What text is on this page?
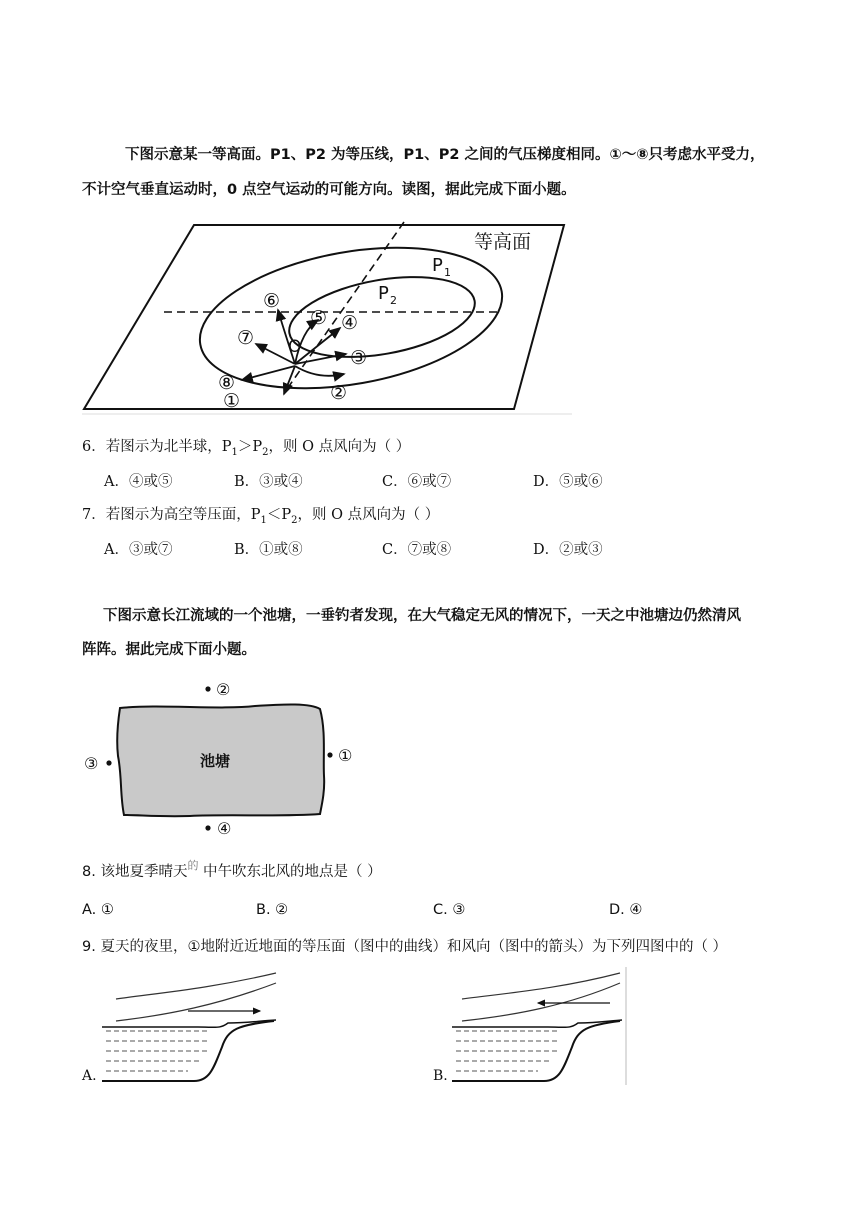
下图示意某一等高面。P1、P2 为等压线，P1、P2 之间的气压梯度相同。①～⑧只考虑水平受力，
不计空气垂直运动时，0 点空气运动的可能方向。读图，据此完成下面小题。
等高面
P 1
P 2
O
①	②
③
④
⑤
⑥
⑦
⑧
6．若图示为北半球，$P_1>P_2$，则 O 点风向为（ ）
A．④或⑤	B．③或④	C．⑥或⑦	D．⑤或⑥
7．若图示为高空等压面，$P_1<P_2$，则 O 点风向为（ ）
A．③或⑦	B．①或⑧	C．⑦或⑧	D．②或③
下图示意长江流域的一个池塘，一垂钓者发现，在大气稳定无风的情况下，一天之中池塘边仍然清风
阵阵。据此完成下面小题。
池塘
②
①
③
④
8. 该地夏季晴天$^的$ 中午吹东北风的地点是（ ）
A. ①	B. ②	C. ③	D. ④
9. 夏天的夜里，①地附近近地面的等压面（图中的曲线）和风向（图中的箭头）为下列四图中的（ ）
A.	B.
